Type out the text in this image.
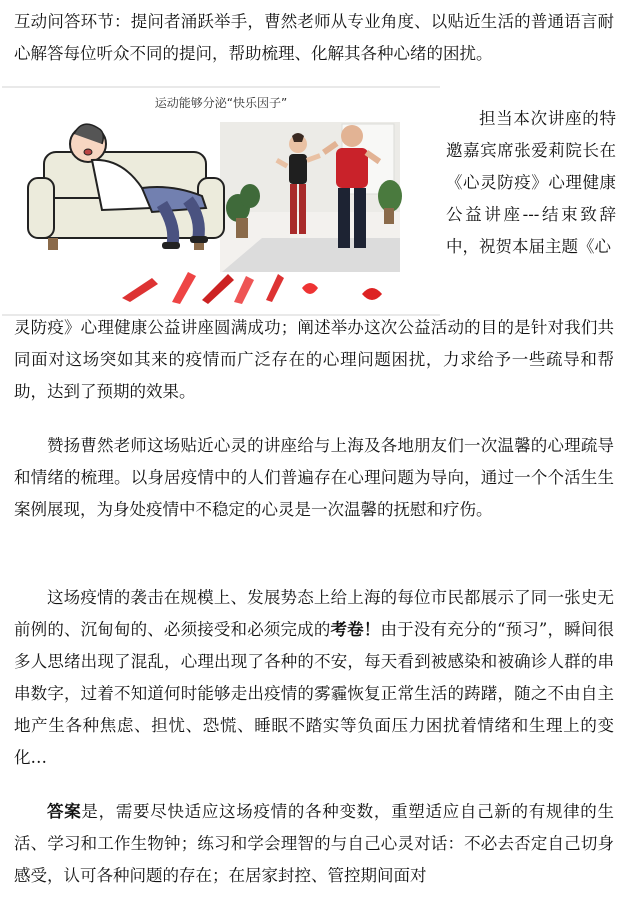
互动问答环节：提问者涌跃举手，曹然老师从专业角度、以贴近生活的普通语言耐心解答每位听众不同的提问，帮助梳理、化解其各种心绪的困扰。

运动能够分泌“快乐因子”

担当本次讲座的特邀嘉宾席张爱莉院长在《心灵防疫》心理健康公益讲座---结束致辞中，祝贺本届主题《心

灵防疫》心理健康公益讲座圆满成功；阐述举办这次公益活动的目的是针对我们共同面对这场突如其来的疫情而广泛存在的心理问题困扰，力求给予一些疏导和帮助，达到了预期的效果。

赞扬曹然老师这场贴近心灵的讲座给与上海及各地朋友们一次温馨的心理疏导和情绪的梳理。以身居疫情中的人们普遍存在心理问题为导向，通过一个个活生生案例展现，为身处疫情中不稳定的心灵是一次温馨的抚慰和疗伤。

这场疫情的袭击在规模上、发展势态上给上海的每位市民都展示了同一张史无前例的、沉甸甸的、必须接受和必须完成的考卷！由于没有充分的“预习”，瞬间很多人思绪出现了混乱，心理出现了各种的不安，每天看到被感染和被确诊人群的串串数字，过着不知道何时能够走出疫情的雾霾恢复正常生活的踌躇，随之不由自主地产生各种焦虑、担忧、恐慌、睡眠不踏实等负面压力困扰着情绪和生理上的变化…

答案是，需要尽快适应这场疫情的各种变数，重塑适应自己新的有规律的生活、学习和工作生物钟；练习和学会理智的与自己心灵对话：不必去否定自己切身感受，认可各种问题的存在；在居家封控、管控期间面对
